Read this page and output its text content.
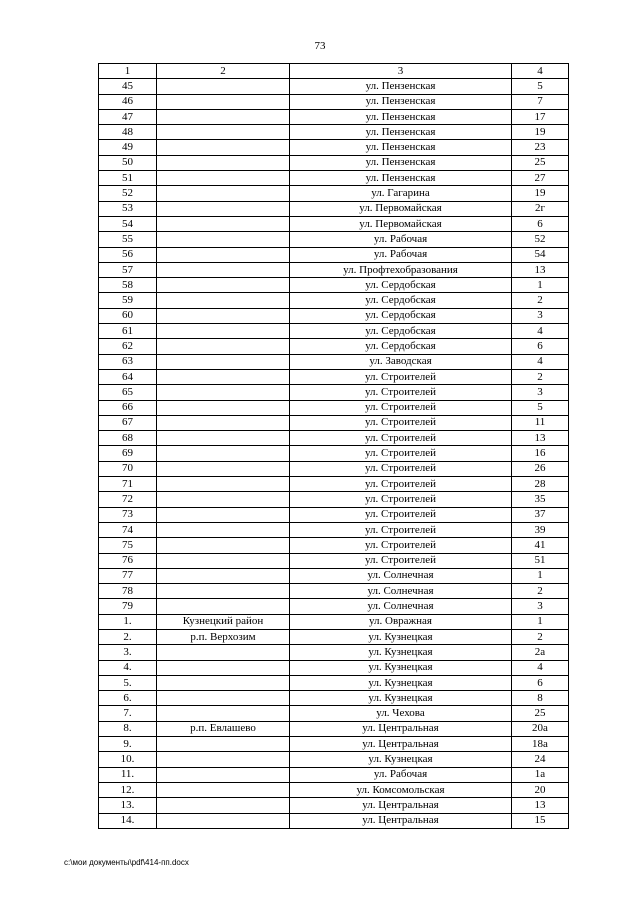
73
1	2	3	4
45		ул. Пензенская	5
46		ул. Пензенская	7
47		ул. Пензенская	17
48		ул. Пензенская	19
49		ул. Пензенская	23
50		ул. Пензенская	25
51		ул. Пензенская	27
52		ул. Гагарина	19
53		ул. Первомайская	2г
54		ул. Первомайская	6
55		ул. Рабочая	52
56		ул. Рабочая	54
57		ул. Профтехобразования	13
58		ул. Сердобская	1
59		ул. Сердобская	2
60		ул. Сердобская	3
61		ул. Сердобская	4
62		ул. Сердобская	6
63		ул. Заводская	4
64		ул. Строителей	2
65		ул. Строителей	3
66		ул. Строителей	5
67		ул. Строителей	11
68		ул. Строителей	13
69		ул. Строителей	16
70		ул. Строителей	26
71		ул. Строителей	28
72		ул. Строителей	35
73		ул. Строителей	37
74		ул. Строителей	39
75		ул. Строителей	41
76		ул. Строителей	51
77		ул. Солнечная	1
78		ул. Солнечная	2
79		ул. Солнечная	3
1.	Кузнецкий район	ул. Овражная	1
2.	р.п. Верхозим	ул. Кузнецкая	2
3.		ул. Кузнецкая	2а
4.		ул. Кузнецкая	4
5.		ул. Кузнецкая	6
6.		ул. Кузнецкая	8
7.		ул. Чехова	25
8.	р.п. Евлашево	ул. Центральная	20а
9.		ул. Центральная	18а
10.		ул. Кузнецкая	24
11.		ул. Рабочая	1а
12.		ул. Комсомольская	20
13.		ул. Центральная	13
14.		ул. Центральная	15
c:\мои документы\pdf\414-пп.docx
